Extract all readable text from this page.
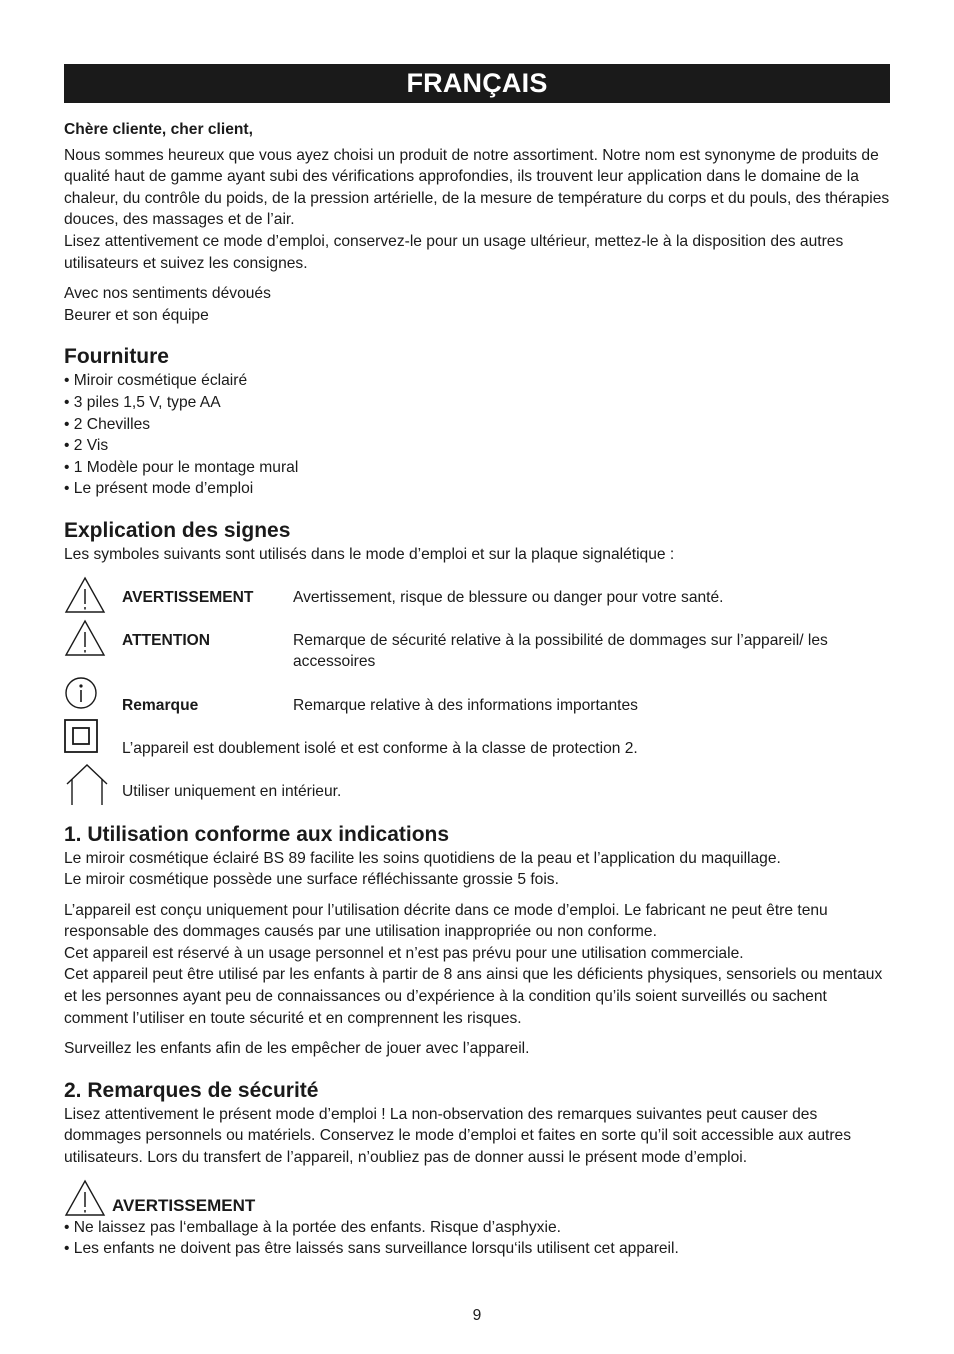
FRANÇAIS

Chère cliente, cher client,

Nous sommes heureux que vous ayez choisi un produit de notre assortiment. Notre nom est synonyme de produits de qualité haut de gamme ayant subi des vérifications approfondies, ils trouvent leur application dans le domaine de la chaleur, du contrôle du poids, de la pression artérielle, de la mesure de température du corps et du pouls, des thérapies douces, des massages et de l’air.

Lisez attentivement ce mode d’emploi, conservez-le pour un usage ultérieur, mettez-le à la disposition des autres utilisateurs et suivez les consignes.

Avec nos sentiments dévoués

Beurer et son équipe

Fourniture
• Miroir cosmétique éclairé
• 3 piles 1,5 V, type AA
• 2 Chevilles
• 2 Vis
• 1 Modèle pour le montage mural
• Le présent mode d’emploi
Explication des signes

Les symboles suivants sont utilisés dans le mode d’emploi et sur la plaque signalétique :

AVERTISSEMENT	Avertissement, risque de blessure ou danger pour votre santé.
ATTENTION	Remarque de sécurité relative à la possibilité de dommages sur l’appareil/ les accessoires
Remarque	Remarque relative à des informations importantes
L’appareil est doublement isolé et est conforme à la classe de protection 2.
Utiliser uniquement en intérieur.
1. Utilisation conforme aux indications

Le miroir cosmétique éclairé BS 89 facilite les soins quotidiens de la peau et l’application du maquillage.

Le miroir cosmétique possède une surface réfléchissante grossie 5 fois.

L’appareil est conçu uniquement pour l’utilisation décrite dans ce mode d’emploi. Le fabricant ne peut être tenu responsable des dommages causés par une utilisation inappropriée ou non conforme.

Cet appareil est réservé à un usage personnel et n’est pas prévu pour une utilisation commerciale.

Cet appareil peut être utilisé par les enfants à partir de 8 ans ainsi que les déficients physiques, sensoriels ou mentaux et les personnes ayant peu de connaissances ou d’expérience à la condition qu’ils soient surveillés ou sachent comment l’utiliser en toute sécurité et en comprennent les risques.

Surveillez les enfants afin de les empêcher de jouer avec l’appareil.

2. Remarques de sécurité

Lisez attentivement le présent mode d’emploi ! La non-observation des remarques suivantes peut causer des dommages personnels ou matériels. Conservez le mode d’emploi et faites en sorte qu’il soit accessible aux autres utilisateurs. Lors du transfert de l’appareil, n’oubliez pas de donner aussi le présent mode d’emploi.

AVERTISSEMENT
• Ne laissez pas l‘emballage à la portée des enfants. Risque d’asphyxie.
• Les enfants ne doivent pas être laissés sans surveillance lorsqu‘ils utilisent cet appareil.
9
